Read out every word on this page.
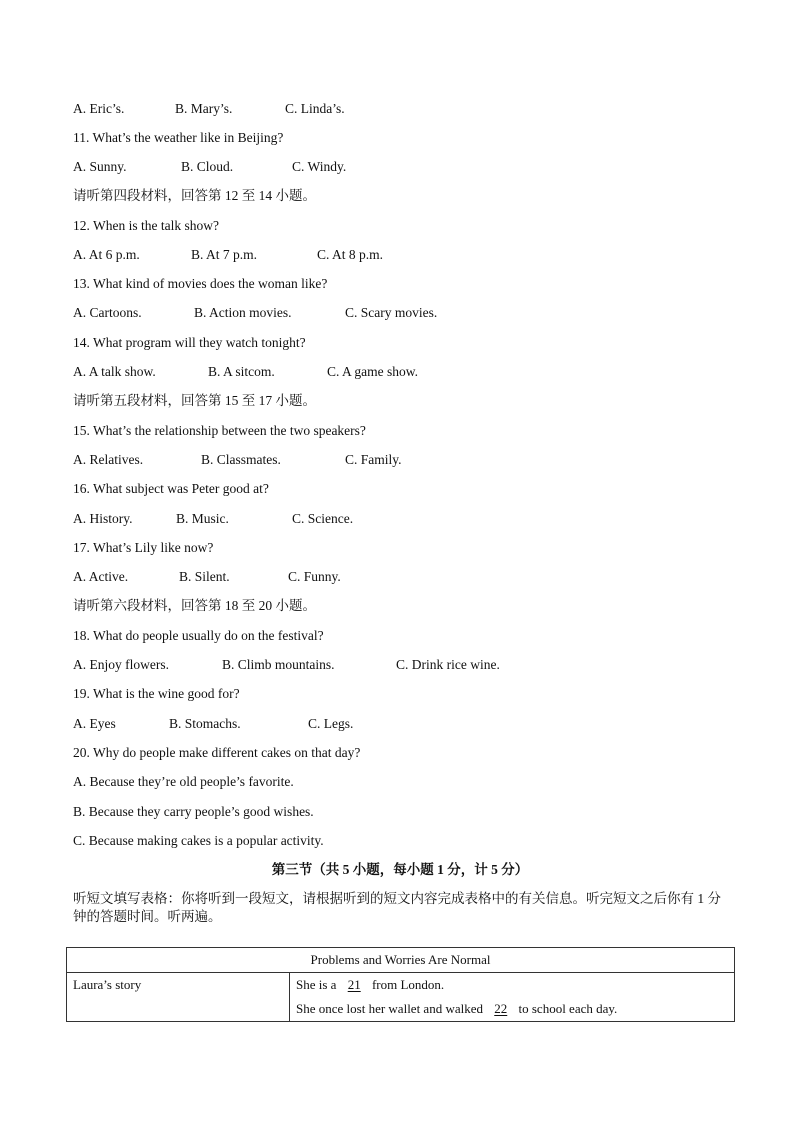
A. Eric’s.	B. Mary’s.	C. Linda’s.
11. What’s the weather like in Beijing?
A. Sunny.	B. Cloud.	C. Windy.
请听第四段材料，回答第 12 至 14 小题。
12. When is the talk show?
A. At 6 p.m.	B. At 7 p.m.	C. At 8 p.m.
13. What kind of movies does the woman like?
A. Cartoons.	B. Action movies.	C. Scary movies.
14. What program will they watch tonight?
A. A talk show.	B. A sitcom.	C. A game show.
请听第五段材料，回答第 15 至 17 小题。
15. What’s the relationship between the two speakers?
A. Relatives.	B. Classmates.	C. Family.
16. What subject was Peter good at?
A. History.	B. Music.	C. Science.
17. What’s Lily like now?
A. Active.	B. Silent.	C. Funny.
请听第六段材料，回答第 18 至 20 小题。
18. What do people usually do on the festival?
A. Enjoy flowers.	B. Climb mountains.	C. Drink rice wine.
19. What is the wine good for?
A. Eyes	B. Stomachs.	C. Legs.
20. Why do people make different cakes on that day?
A. Because they’re old people’s favorite.
B. Because they carry people’s good wishes.
C. Because making cakes is a popular activity.
第三节（共 5 小题，每小题 1 分，计 5 分）
听短文填写表格：你将听到一段短文，请根据听到的短文内容完成表格中的有关信息。听完短文之后你有 1 分钟的答题时间。听两遍。
Problems and Worries Are Normal
Laura’s story	She is a 21 from London.
She once lost her wallet and walked 22 to school each day.
